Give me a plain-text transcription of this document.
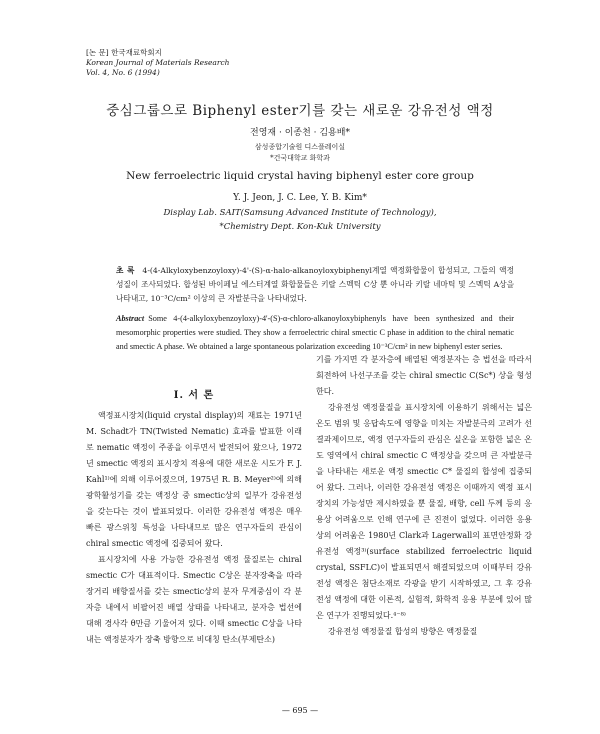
[논 문] 한국재료학회지
Korean Journal of Materials Research
Vol. 4, No. 6 (1994)
중심그룹으로 Biphenyl ester기를 갖는 새로운 강유전성 액정
전영재 · 이종천 · 김용배*
삼성종합기술원 디스플레이실
*건국대학교 화학과
New ferroelectric liquid crystal having biphenyl ester core group
Y. J. Jeon, J. C. Lee, Y. B. Kim*
Display Lab. SAIT(Samsung Advanced Institute of Technology),
*Chemistry Dept. Kon-Kuk University
초 록 4-(4-Alkyloxybenzoyloxy)-4'-(S)-α-halo-alkanoyloxybiphenyl계열 액정화합물이 합성되고, 그들의 액정성질이 조사되었다. 합성된 바이페닐 에스터계열 화합물들은 키랄 스멕틱 C상 뿐 아니라 키랄 네마틱 및 스멕틱 A상을 나타내고, 10⁻³C/cm² 이상의 큰 자발분극을 나타내었다.
Abstract Some 4-(4-alkyloxybenzoyloxy)-4'-(S)-α-chloro-alkanoyloxybiphenyls have been synthesized and their mesomorphic properties were studied. They show a ferroelectric chiral smectic C phase in addition to the chiral nematic and smectic A phase. We obtained a large spontaneous polarization exceeding 10⁻³C/cm² in new biphenyl ester series.
I. 서 론

액정표시장치(liquid crystal display)의 재료는 1971년 M. Schadt가 TN(Twisted Nematic) 효과를 발표한 이래로 nematic 액정이 주종을 이루면서 발전되어 왔으나, 1972년 smectic 액정의 표시장치 적용에 대한 새로운 시도가 F. J. Kahl¹⁾에 의해 이루어졌으며, 1975년 R. B. Meyer²⁾에 의해 광학활성기를 갖는 액정상 중 smectic상의 일부가 강유전성을 갖는다는 것이 발표되었다. 이러한 강유전성 액정은 매우 빠른 광스위칭 특성을 나타내므로 많은 연구자들의 관심이 chiral smectic 액정에 집중되어 왔다.

표시장치에 사용 가능한 강유전성 액정 물질로는 chiral smectic C가 대표적이다. Smectic C상은 분자장축을 따라 장거리 배향질서를 갖는 smectic상의 분자 무게중심이 각 분자층 내에서 비팔어진 배열 상태를 나타내고, 분자층 법선에 대해 경사각 θ만큼 기울어져 있다. 이때 smectic C상을 나타내는 액정분자가 장축 방향으로 비대칭 탄소(부제탄소)

기를 가지면 각 분자층에 배열된 액정분자는 층 법선을 따라서 회전하여 나선구조를 갖는 chiral smectic C(Sc*) 상을 형성한다.

강유전성 액정물질을 표시장치에 이용하기 위해서는 넓은 온도 범위 및 응답속도에 영향을 미치는 자발분극의 고려가 선결과제이므로, 액정 연구자들의 관심은 실온을 포함한 넓은 온도 영역에서 chiral smectic C 액정상을 갖으며 큰 자발분극을 나타내는 새로운 액정 smectic C* 물질의 합성에 집중되어 왔다. 그러나, 이러한 강유전성 액정은 이때까지 액정 표시장치의 가능성만 제시하였을 뿐 물질, 배향, cell 두께 등의 응용상 어려움으로 인해 연구에 큰 진전이 없었다. 이러한 응용상의 어려움은 1980년 Clark과 Lagerwall의 표면안정화 강유전성 액정³⁾(surface stabilized ferroelectric liquid crystal, SSFLC)이 발표되면서 해결되었으며 이때부터 강유전성 액정은 첨단소재로 각광을 받기 시작하였고, 그 후 강유전성 액정에 대한 이론적, 실험적, 화학적 응용 부분에 있어 많은 연구가 진행되었다.⁴⁻⁸⁾

강유전성 액정물질 합성의 방향은 액정물질

— 695 —
